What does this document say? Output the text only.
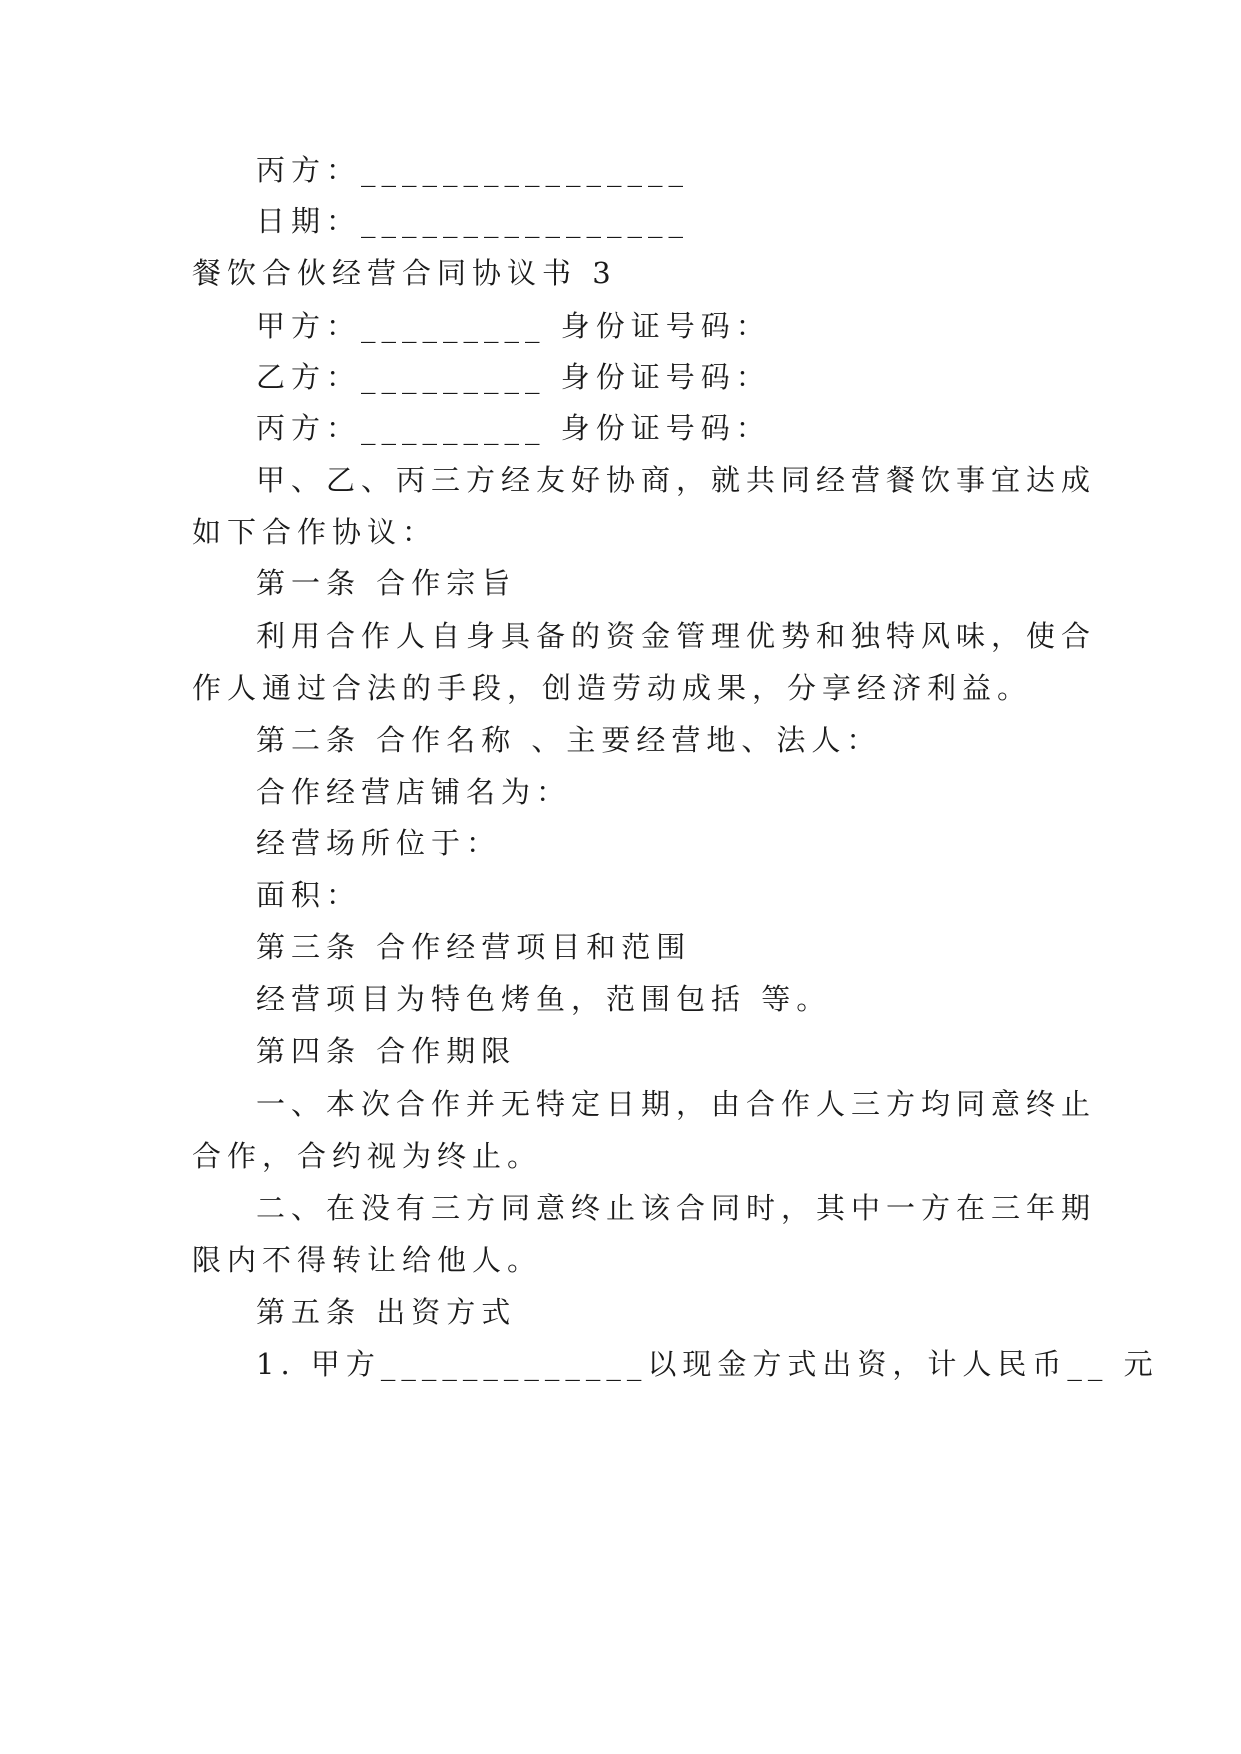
丙方：________________
日期：________________
餐饮合伙经营合同协议书 3
甲方：_________ 身份证号码：
乙方：_________ 身份证号码：
丙方：_________ 身份证号码：
甲、乙、丙三方经友好协商，就共同经营餐饮事宜达成
如下合作协议：
第一条 合作宗旨
利用合作人自身具备的资金管理优势和独特风味，使合
作人通过合法的手段，创造劳动成果，分享经济利益。
第二条 合作名称 、主要经营地、法人：
合作经营店铺名为：
经营场所位于：
面积：
第三条 合作经营项目和范围
经营项目为特色烤鱼，范围包括 等。
第四条 合作期限
一、本次合作并无特定日期，由合作人三方均同意终止
合作，合约视为终止。
二、在没有三方同意终止该合同时，其中一方在三年期
限内不得转让给他人。
第五条 出资方式
1. 甲方_____________以现金方式出资，计人民币__ 元
